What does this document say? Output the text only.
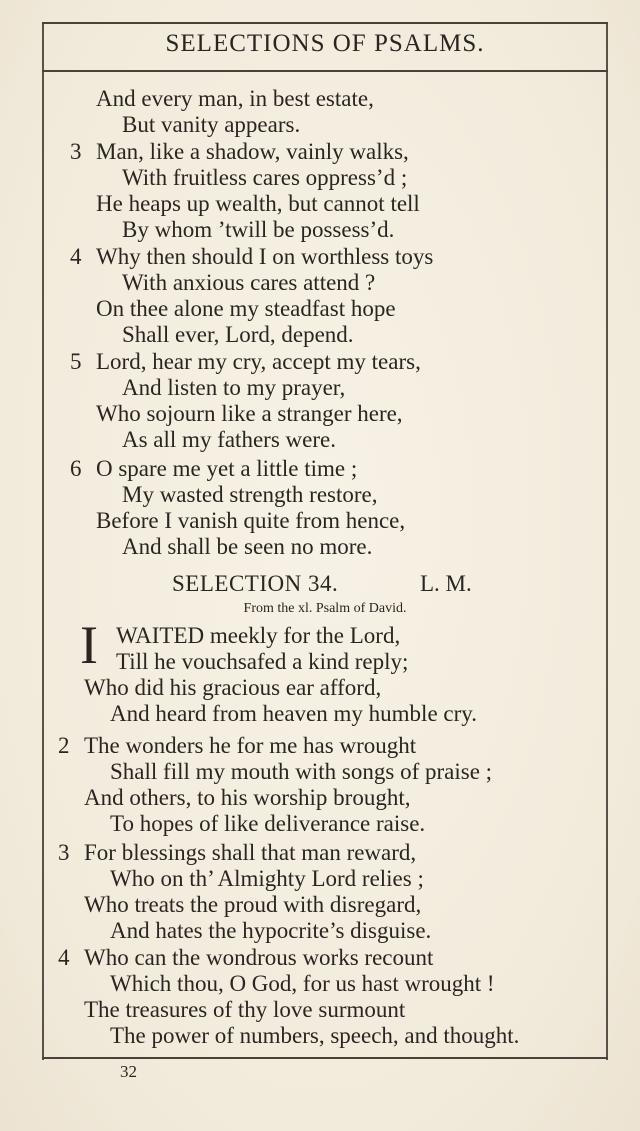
SELECTIONS OF PSALMS.
And every man, in best estate,
But vanity appears.
3 Man, like a shadow, vainly walks,
With fruitless cares oppress’d ;
He heaps up wealth, but cannot tell
By whom ’twill be possess’d.
4 Why then should I on worthless toys
With anxious cares attend ?
On thee alone my steadfast hope
Shall ever, Lord, depend.
5 Lord, hear my cry, accept my tears,
And listen to my prayer,
Who sojourn like a stranger here,
As all my fathers were.
6 O spare me yet a little time ;
My wasted strength restore,
Before I vanish quite from hence,
And shall be seen no more.
SELECTION 34.	L. M.
From the xl. Psalm of David.
I WAITED meekly for the Lord,
Till he vouchsafed a kind reply;
Who did his gracious ear afford,
And heard from heaven my humble cry.
2 The wonders he for me has wrought
Shall fill my mouth with songs of praise ;
And others, to his worship brought,
To hopes of like deliverance raise.
3 For blessings shall that man reward,
Who on th’ Almighty Lord relies ;
Who treats the proud with disregard,
And hates the hypocrite’s disguise.
4 Who can the wondrous works recount
Which thou, O God, for us hast wrought !
The treasures of thy love surmount
The power of numbers, speech, and thought.
32
